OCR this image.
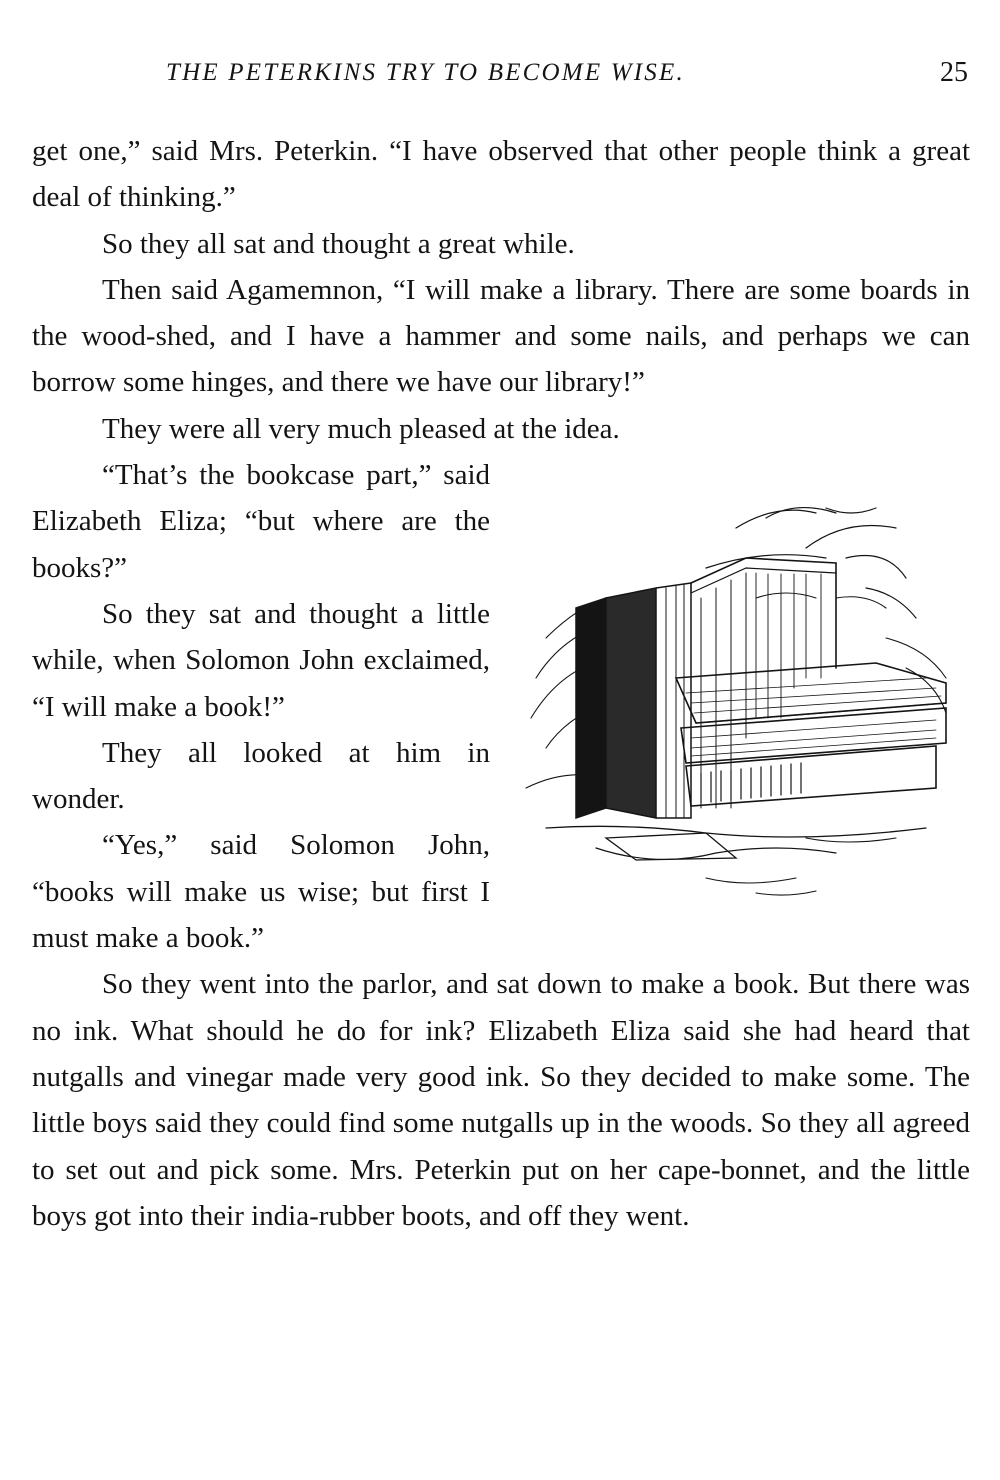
THE PETERKINS TRY TO BECOME WISE.	25

get one,” said Mrs. Peterkin. “I have observed that other people think a great deal of thinking.”

So they all sat and thought a great while.

Then said Agamemnon, “I will make a library. There are some boards in the wood-shed, and I have a hammer and some nails, and perhaps we can borrow some hinges, and there we have our library!”

They were all very much pleased at the idea.

“That’s the bookcase part,” said Elizabeth Eliza; “but where are the books?”

So they sat and thought a little while, when Solomon John exclaimed, “I will make a book!”

They all looked at him in wonder.

“Yes,” said Solomon John, “books will make us wise; but first I must make a book.”

So they went into the parlor, and sat down to make a book. But there was no ink. What should he do for ink? Elizabeth Eliza said she had heard that nutgalls and vinegar made very good ink. So they decided to make some. The little boys said they could find some nutgalls up in the woods. So they all agreed to set out and pick some. Mrs. Peterkin put on her cape-bonnet, and the little boys got into their india-rubber boots, and off they went.
